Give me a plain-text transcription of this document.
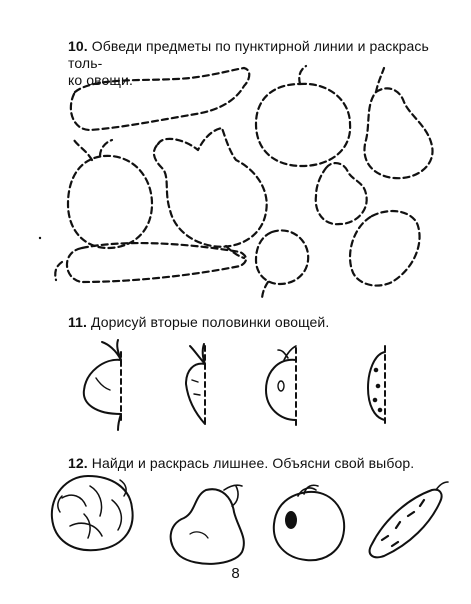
10. Обведи предметы по пунктирной линии и раскрась толь-
ко овощи.
11. Дорисуй вторые половинки овощей.
12. Найди и раскрась лишнее. Объясни свой выбор.
8
